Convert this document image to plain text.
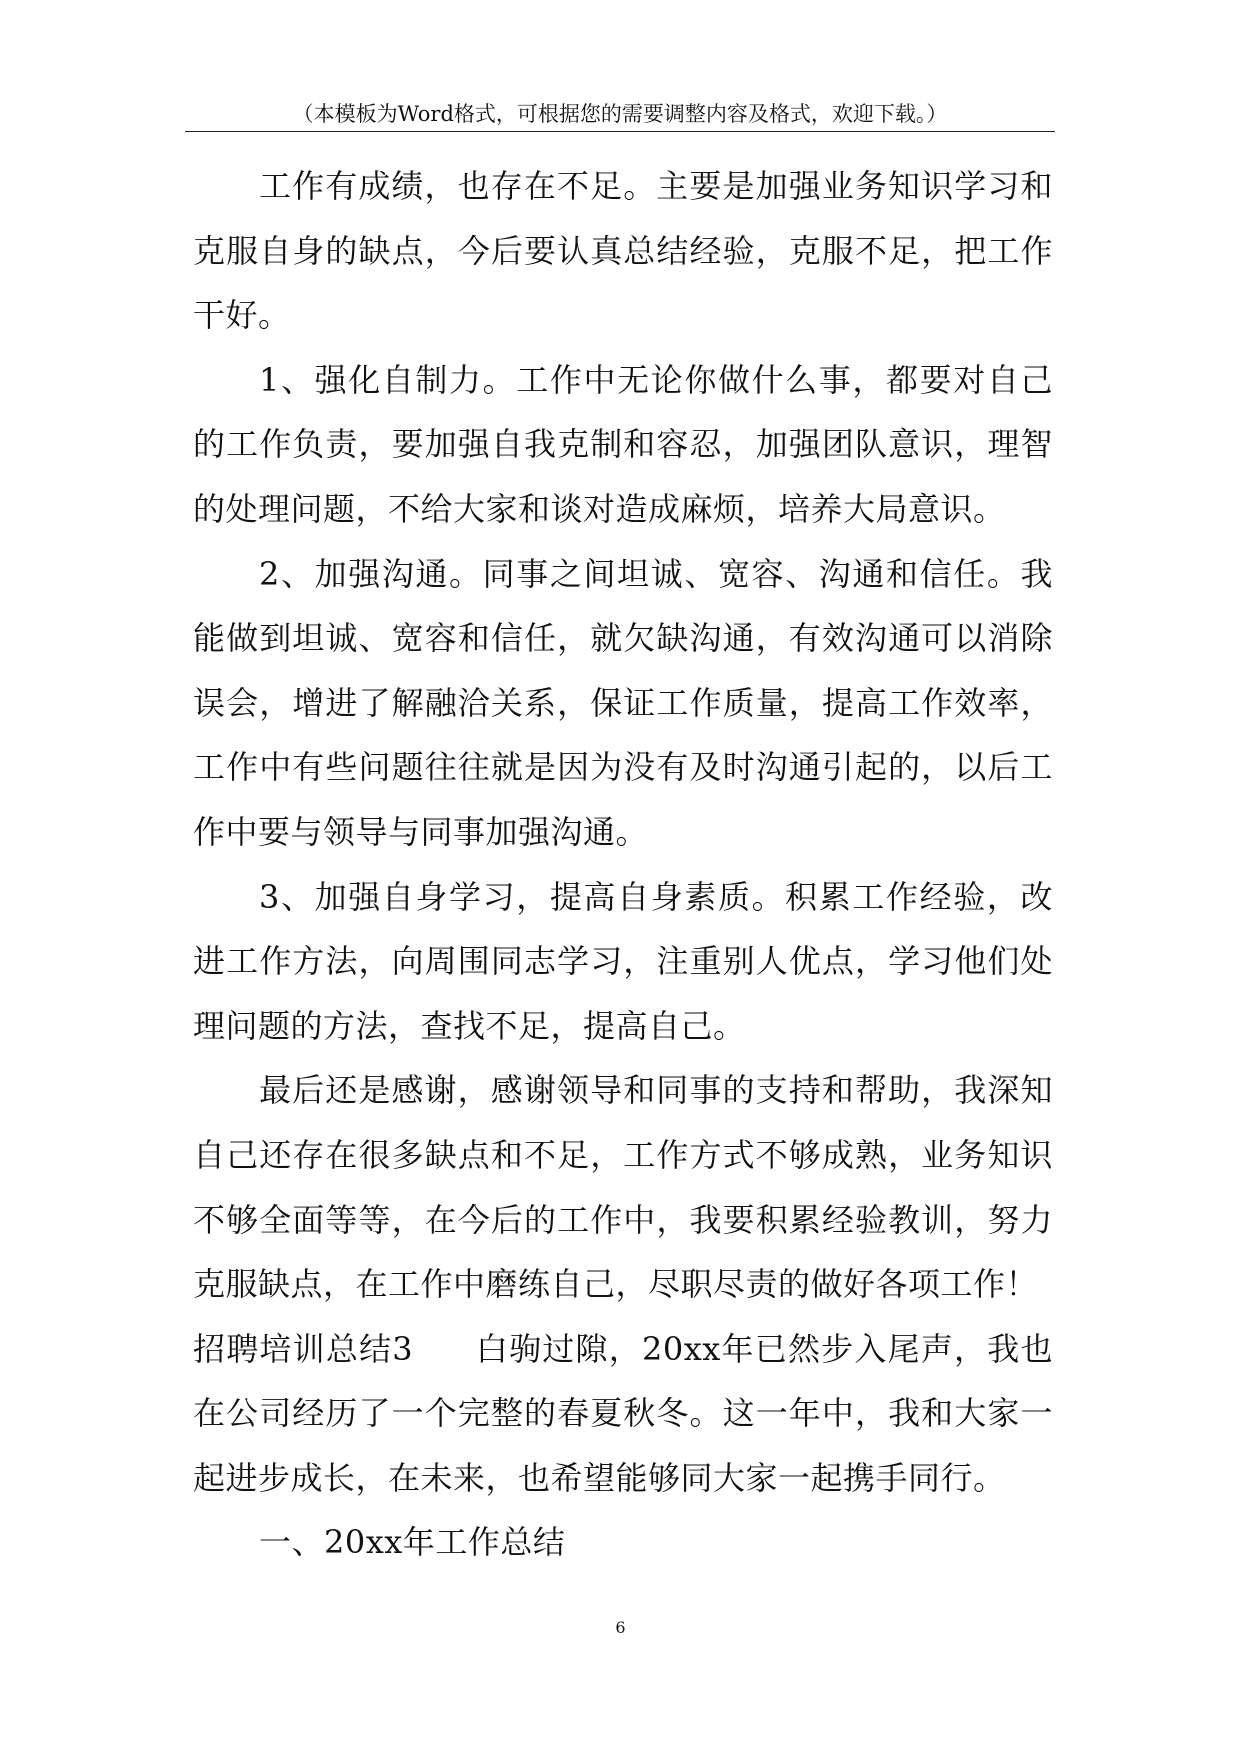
（本模板为Word格式，可根据您的需要调整内容及格式，欢迎下载。）

工作有成绩，也存在不足。主要是加强业务知识学习和克服自身的缺点，今后要认真总结经验，克服不足，把工作干好。

1、强化自制力。工作中无论你做什么事，都要对自己的工作负责，要加强自我克制和容忍，加强团队意识，理智的处理问题，不给大家和谈对造成麻烦，培养大局意识。

2、加强沟通。同事之间坦诚、宽容、沟通和信任。我能做到坦诚、宽容和信任，就欠缺沟通，有效沟通可以消除误会，增进了解融洽关系，保证工作质量，提高工作效率，工作中有些问题往往就是因为没有及时沟通引起的，以后工作中要与领导与同事加强沟通。

3、加强自身学习，提高自身素质。积累工作经验，改进工作方法，向周围同志学习，注重别人优点，学习他们处理问题的方法，查找不足，提高自己。

最后还是感谢，感谢领导和同事的支持和帮助，我深知自己还存在很多缺点和不足，工作方式不够成熟，业务知识不够全面等等，在今后的工作中，我要积累经验教训，努力克服缺点，在工作中磨练自己，尽职尽责的做好各项工作！

招聘培训总结3 白驹过隙，20xx年已然步入尾声，我也在公司经历了一个完整的春夏秋冬。这一年中，我和大家一起进步成长，在未来，也希望能够同大家一起携手同行。

一、20xx年工作总结

6
